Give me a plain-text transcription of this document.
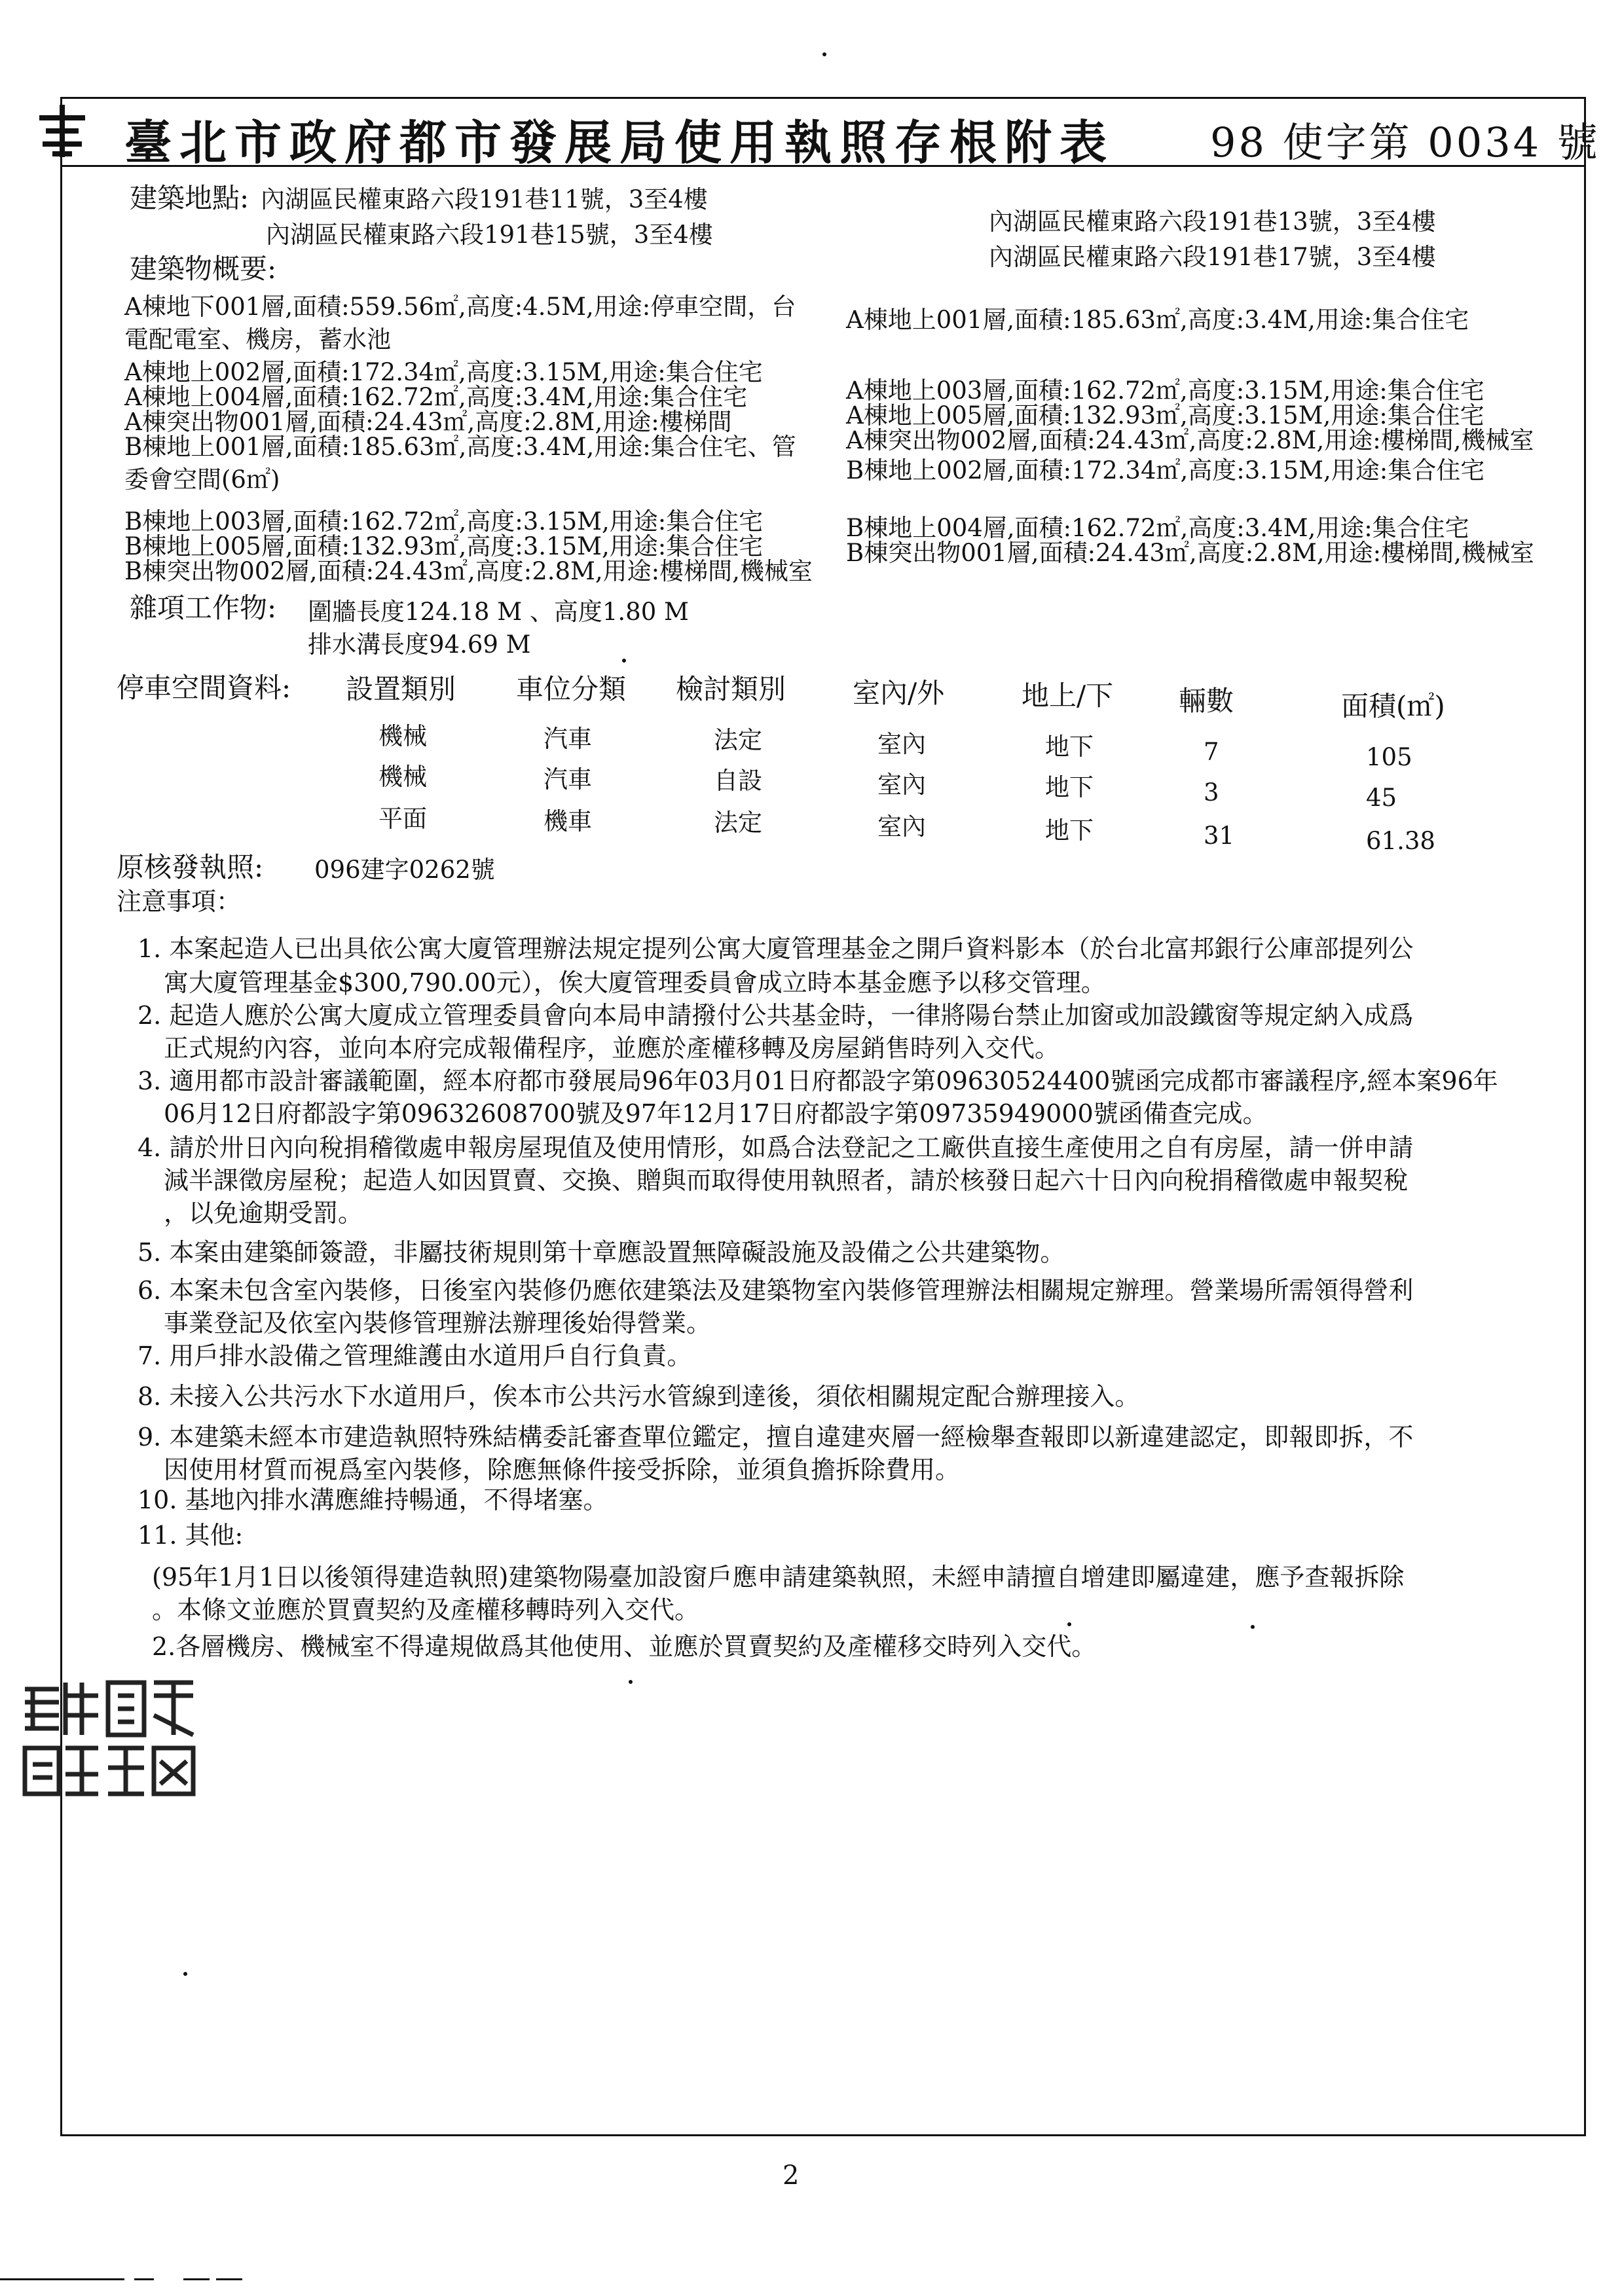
臺北市政府都市發展局使用執照存根附表 98 使字第 0034 號
建築地點: 內湖區民權東路六段191巷11號，3至4樓
內湖區民權東路六段191巷13號，3至4樓
內湖區民權東路六段191巷15號，3至4樓
內湖區民權東路六段191巷17號，3至4樓
建築物概要:
A棟地下001層,面積:559.56㎡,高度:4.5M,用途:停車空間，台
電配電室、機房，蓄水池
A棟地上001層,面積:185.63㎡,高度:3.4M,用途:集合住宅
A棟地上002層,面積:172.34㎡,高度:3.15M,用途:集合住宅
A棟地上003層,面積:162.72㎡,高度:3.15M,用途:集合住宅
A棟地上004層,面積:162.72㎡,高度:3.4M,用途:集合住宅
A棟地上005層,面積:132.93㎡,高度:3.15M,用途:集合住宅
A棟突出物001層,面積:24.43㎡,高度:2.8M,用途:樓梯間
A棟突出物002層,面積:24.43㎡,高度:2.8M,用途:樓梯間,機械室
B棟地上001層,面積:185.63㎡,高度:3.4M,用途:集合住宅、管
委會空間(6㎡)	B棟地上002層,面積:172.34㎡,高度:3.15M,用途:集合住宅
B棟地上003層,面積:162.72㎡,高度:3.15M,用途:集合住宅	B棟地上004層,面積:162.72㎡,高度:3.4M,用途:集合住宅
B棟地上005層,面積:132.93㎡,高度:3.15M,用途:集合住宅	B棟突出物001層,面積:24.43㎡,高度:2.8M,用途:樓梯間,機械室
B棟突出物002層,面積:24.43㎡,高度:2.8M,用途:樓梯間,機械室
雜項工作物: 圍牆長度124.18 M 、高度1.80 M
排水溝長度94.69 M
停車空間資料: 設置類別 車位分類 檢討類別 室內/外	地上/下 輛數	面積(㎡)
機械	汽車	法定	室內	地下	7	105
機械	汽車	自設	室內	地下	3	45
平面	機車	法定	室內	地下	31	61.38
原核發執照: 096建字0262號
注意事項：
1. 本案起造人已出具依公寓大廈管理辦法規定提列公寓大廈管理基金之開戶資料影本（於台北富邦銀行公庫部提列公
寓大廈管理基金$300,790.00元），俟大廈管理委員會成立時本基金應予以移交管理。
2. 起造人應於公寓大廈成立管理委員會向本局申請撥付公共基金時，一律將陽台禁止加窗或加設鐵窗等規定納入成爲
正式規約內容，並向本府完成報備程序，並應於產權移轉及房屋銷售時列入交代。
3. 適用都市設計審議範圍，經本府都市發展局96年03月01日府都設字第09630524400號函完成都市審議程序,經本案96年
06月12日府都設字第09632608700號及97年12月17日府都設字第09735949000號函備查完成。
4. 請於卅日內向稅捐稽徵處申報房屋現值及使用情形，如爲合法登記之工廠供直接生產使用之自有房屋，請一併申請
減半課徵房屋稅；起造人如因買賣、交換、贈與而取得使用執照者，請於核發日起六十日內向稅捐稽徵處申報契稅
，以免逾期受罰。
5. 本案由建築師簽證，非屬技術規則第十章應設置無障礙設施及設備之公共建築物。
6. 本案未包含室內裝修，日後室內裝修仍應依建築法及建築物室內裝修管理辦法相關規定辦理。營業場所需領得營利
事業登記及依室內裝修管理辦法辦理後始得營業。
7. 用戶排水設備之管理維護由水道用戶自行負責。
8. 未接入公共污水下水道用戶，俟本市公共污水管線到達後，須依相關規定配合辦理接入。
9. 本建築未經本市建造執照特殊結構委託審查單位鑑定，擅自違建夾層一經檢舉查報即以新違建認定，即報即拆，不
因使用材質而視爲室內裝修，除應無條件接受拆除，並須負擔拆除費用。
10. 基地內排水溝應維持暢通，不得堵塞。
11. 其他:
(95年1月1日以後領得建造執照)建築物陽臺加設窗戶應申請建築執照，未經申請擅自增建即屬違建，應予查報拆除
。本條文並應於買賣契約及產權移轉時列入交代。
2.各層機房、機械室不得違規做爲其他使用、並應於買賣契約及產權移交時列入交代。
2
